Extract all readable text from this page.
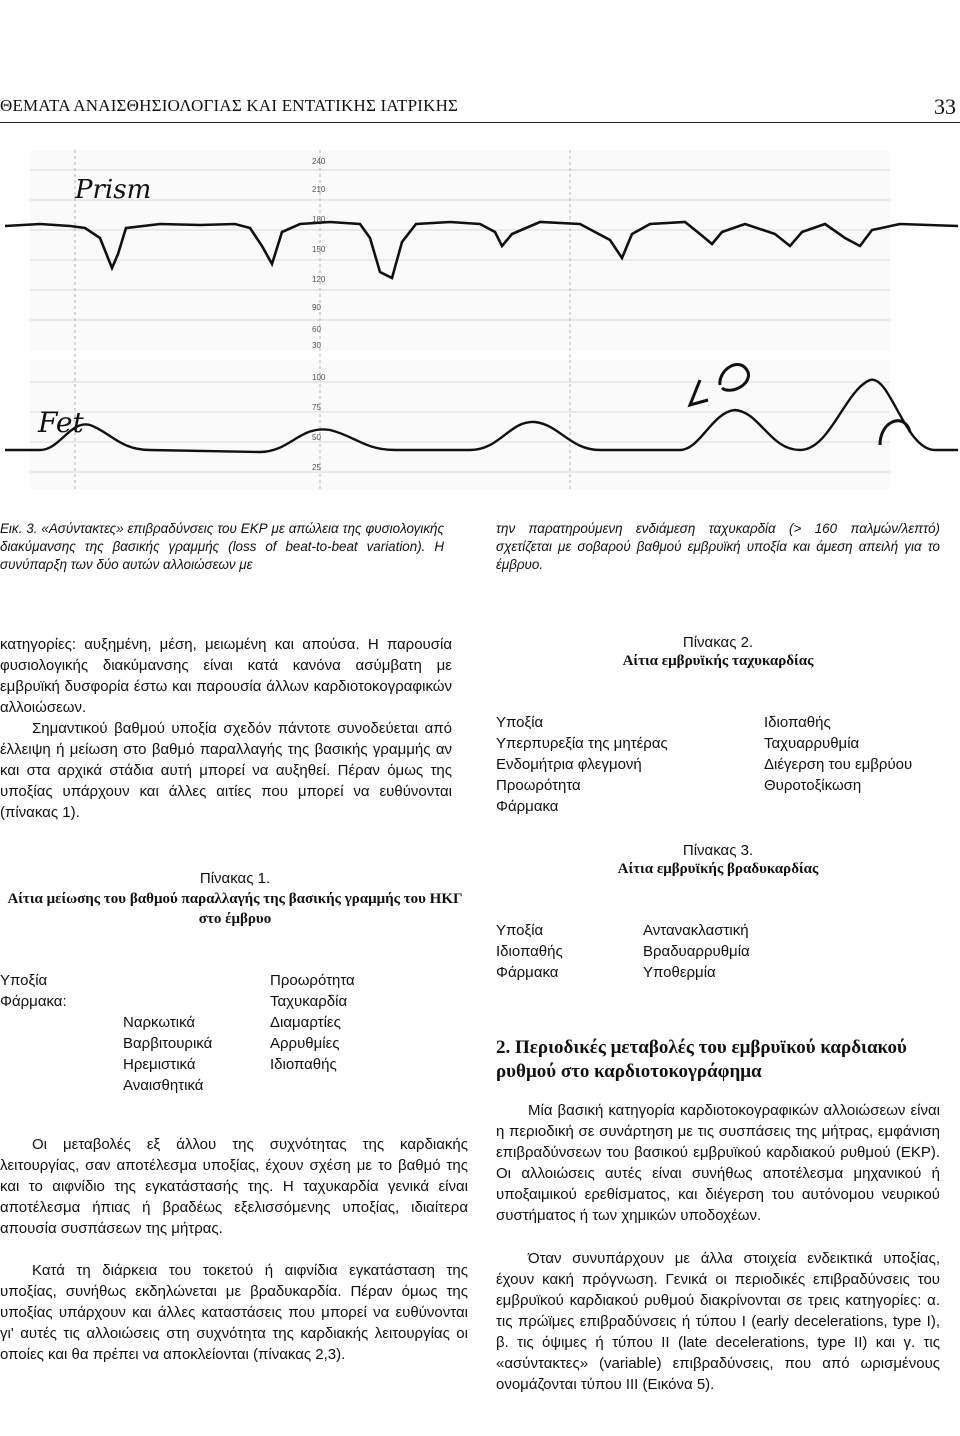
ΘΕΜΑΤΑ ΑΝΑΙΣΘΗΣΙΟΛΟΓΙΑΣ ΚΑΙ ΕΝΤΑΤΙΚΗΣ ΙΑΤΡΙΚΗΣ	33
240
210
180
150
120
90
60
30
100
75
50
25
Prism
Fet

Εικ. 3. «Ασύντακτες» επιβραδύνσεις του ΕΚΡ με απώλεια της φυσιολογικής διακύμανσης της βασικής γραμμής (loss of beat-to-beat variation). Η συνύπαρξη των δύο αυτών αλλοιώσεων με

την παρατηρούμενη ενδιάμεση ταχυκαρδία (> 160 παλμών/λεπτό) σχετίζεται με σοβαρού βαθμού εμβρυϊκή υποξία και άμεση απειλή για το έμβρυο.

κατηγορίες: αυξημένη, μέση, μειωμένη και απούσα. Η παρουσία φυσιολογικής διακύμανσης είναι κατά κανόνα ασύμβατη με εμβρυϊκή δυσφορία έστω και παρουσία άλλων καρδιοτοκογραφικών αλλοιώσεων.

Σημαντικού βαθμού υποξία σχεδόν πάντοτε συνοδεύεται από έλλειψη ή μείωση στο βαθμό παραλλαγής της βασικής γραμμής αν και στα αρχικά στάδια αυτή μπορεί να αυξηθεί. Πέραν όμως της υποξίας υπάρχουν και άλλες αιτίες που μπορεί να ευθύνονται (πίνακας 1).

Πίνακας 1.
Αίτια μείωσης του βαθμού παραλλαγής της βασικής γραμμής του ΗΚΓ στο έμβρυο
Υποξία
Φάρμακα:
Ναρκωτικά
Βαρβιτουρικά
Ηρεμιστικά
Αναισθητικά
Προωρότητα
Ταχυκαρδία
Διαμαρτίες
Αρρυθμίες
Ιδιοπαθής

Οι μεταβολές εξ άλλου της συχνότητας της καρδιακής λειτουργίας, σαν αποτέλεσμα υποξίας, έχουν σχέση με το βαθμό της και το αιφνίδιο της εγκατάστασής της. Η ταχυκαρδία γενικά είναι αποτέλεσμα ήπιας ή βραδέως εξελισσόμενης υποξίας, ιδιαίτερα απουσία συσπάσεων της μήτρας.

Κατά τη διάρκεια του τοκετού ή αιφνίδια εγκατάσταση της υποξίας, συνήθως εκδηλώνεται με βραδυκαρδία. Πέραν όμως της υποξίας υπάρχουν και άλλες καταστάσεις που μπορεί να ευθύνονται γι' αυτές τις αλλοιώσεις στη συχνότητα της καρδιακής λειτουργίας οι οποίες και θα πρέπει να αποκλείονται (πίνακας 2,3).

Πίνακας 2.
Αίτια εμβρυϊκής ταχυκαρδίας
Υποξία
Υπερπυρεξία της μητέρας
Ενδομήτρια φλεγμονή
Προωρότητα
Φάρμακα
Ιδιοπαθής
Ταχυαρρυθμία
Διέγερση του εμβρύου
Θυροτοξίκωση
Πίνακας 3.
Αίτια εμβρυϊκής βραδυκαρδίας
Υποξία
Ιδιοπαθής
Φάρμακα
Αντανακλαστική
Βραδυαρρυθμία
Υποθερμία
2. Περιοδικές μεταβολές του εμβρυϊκού καρδιακού ρυθμού στο καρδιοτοκογράφημα

Μία βασική κατηγορία καρδιοτοκογραφικών αλλοιώσεων είναι η περιοδική σε συνάρτηση με τις συσπάσεις της μήτρας, εμφάνιση επιβραδύνσεων του βασικού εμβρυϊκού καρδιακού ρυθμού (ΕΚΡ). Οι αλλοιώσεις αυτές είναι συνήθως αποτέλεσμα μηχανικού ή υποξαιμικού ερεθίσματος, και διέγερση του αυτόνομου νευρικού συστήματος ή των χημικών υποδοχέων.

Όταν συνυπάρχουν με άλλα στοιχεία ενδεικτικά υποξίας, έχουν κακή πρόγνωση. Γενικά οι περιοδικές επιβραδύνσεις του εμβρυϊκού καρδιακού ρυθμού διακρίνονται σε τρεις κατηγορίες: α. τις πρώϊμες επιβραδύνσεις ή τύπου Ι (early decelerations, type I), β. τις όψιμες ή τύπου ΙΙ (late decelerations, type II) και γ. τις «ασύντακτες» (variable) επιβραδύνσεις, που από ωρισμένους ονομάζονται τύπου ΙΙΙ (Εικόνα 5).
